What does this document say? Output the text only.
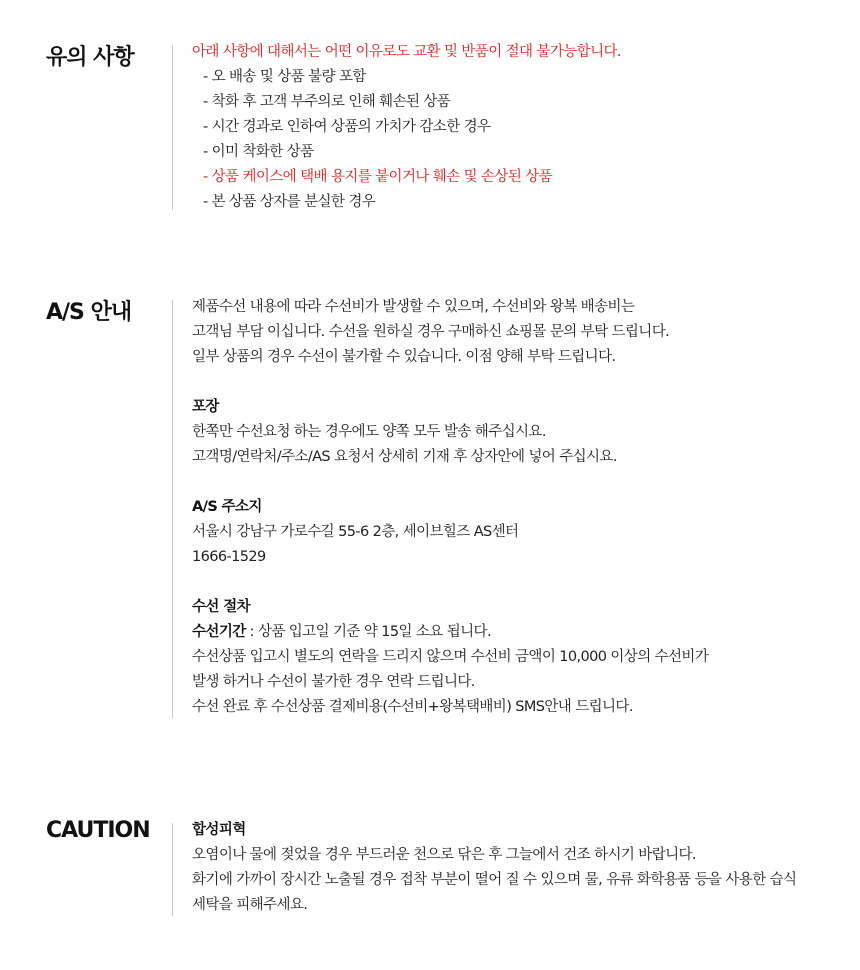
유의 사항	아래 사항에 대해서는 어떤 이유로도 교환 및 반품이 절대 불가능합니다.
- 오 배송 및 상품 불량 포함
- 착화 후 고객 부주의로 인해 훼손된 상품
- 시간 경과로 인하여 상품의 가치가 감소한 경우
- 이미 착화한 상품
- 상품 케이스에 택배 용지를 붙이거나 훼손 및 손상된 상품
- 본 상품 상자를 분실한 경우
A/S 안내	제품수선 내용에 따라 수선비가 발생할 수 있으며, 수선비와 왕복 배송비는
고객님 부담 이십니다. 수선을 원하실 경우 구매하신 쇼핑몰 문의 부탁 드립니다.
일부 상품의 경우 수선이 불가할 수 있습니다. 이점 양해 부탁 드립니다.
포장
한쪽만 수선요청 하는 경우에도 양쪽 모두 발송 해주십시요.
고객명/연락처/주소/AS 요청서 상세히 기재 후 상자안에 넣어 주십시요.
A/S 주소지
서울시 강남구 가로수길 55-6 2층, 세이브힐즈 AS센터
1666-1529
수선 절차
수선기간 : 상품 입고일 기준 약 15일 소요 됩니다.
수선상품 입고시 별도의 연락을 드리지 않으며 수선비 금액이 10,000 이상의 수선비가
발생 하거나 수선이 불가한 경우 연락 드립니다.
수선 완료 후 수선상품 결제비용(수선비+왕복택배비) SMS안내 드립니다.
CAUTION	합성피혁
오염이나 물에 젖었을 경우 부드러운 천으로 닦은 후 그늘에서 건조 하시기 바랍니다.
화기에 가까이 장시간 노출될 경우 접착 부분이 떨어 질 수 있으며 물, 유류 화학용품 등을 사용한 습식
세탁을 피해주세요.
